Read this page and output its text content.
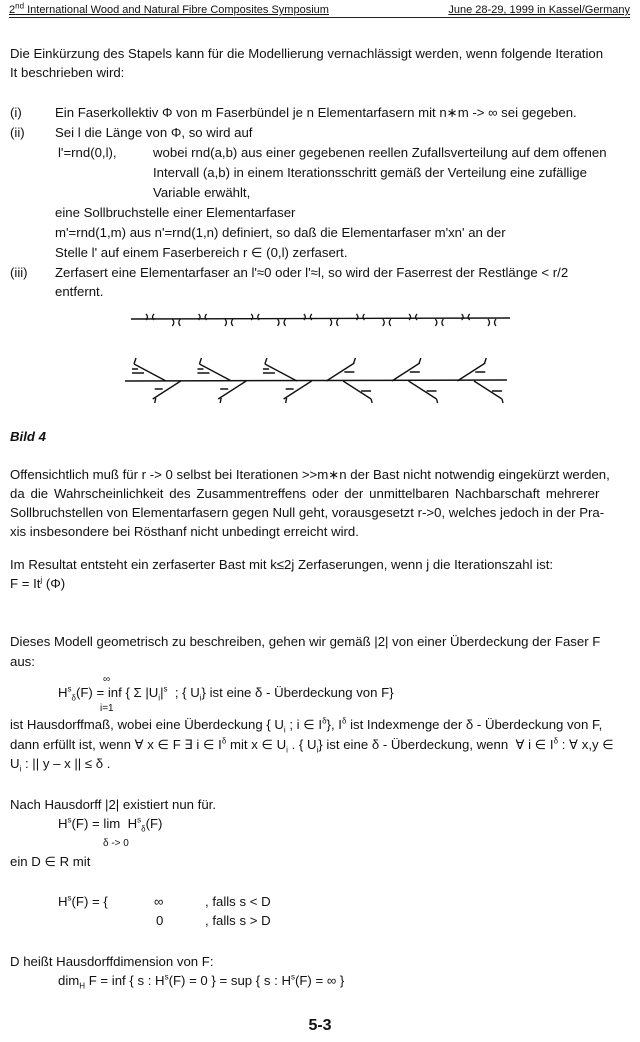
2nd International Wood and Natural Fibre Composites Symposium	June 28-29, 1999 in Kassel/Germany
Die Einkürzung des Stapels kann für die Modellierung vernachlässigt werden, wenn folgende Iteration
It beschrieben wird:
(i)	Ein Faserkollektiv Φ von m Faserbündel je n Elementarfasern mit n∗m -> ∞ sei gegeben.
(ii) Sei l die Länge von Φ, so wird auf
l'=rnd(0,l),	wobei rnd(a,b) aus einer gegebenen reellen Zufallsverteilung auf dem offenen
Intervall (a,b) in einem Iterationsschritt gemäß der Verteilung eine zufällige
Variable erwählt,
eine Sollbruchstelle einer Elementarfaser
m'=rnd(1,m) aus n'=rnd(1,n) definiert, so daß die Elementarfaser m'xn' an der
Stelle l' auf einem Faserbereich r ∈ (0,l) zerfasert.
(iii) Zerfasert eine Elementarfaser an l'≈0 oder l'≈l, so wird der Faserrest der Restlänge < r/2
entfernt.
Bild 4
Offensichtlich muß für r -> 0 selbst bei Iterationen >>m∗n der Bast nicht notwendig eingekürzt werden,
da die Wahrscheinlichkeit des Zusammentreffens oder der unmittelbaren Nachbarschaft mehrerer
Sollbruchstellen von Elementarfasern gegen Null geht, vorausgesetzt r->0, welches jedoch in der Pra-
xis insbesondere bei Rösthanf nicht unbedingt erreicht wird.
Im Resultat entsteht ein zerfaserter Bast mit k≤2j Zerfaserungen, wenn j die Iterationszahl ist:
$F = It^j$ (Φ)
Dieses Modell geometrisch zu beschreiben, gehen wir gemäß |2| von einer Überdeckung der Faser F
aus:
∞
$H^s_\delta(F)$ = inf { Σ $|U_i|^s$  ; { $U_i$} ist eine δ - Überdeckung von F}
i=1
ist Hausdorffmaß, wobei eine Überdeckung { $U_i$ ; i ∈ $I^\delta$}, $I^\delta$ ist Indexmenge der δ - Überdeckung von F,
dann erfüllt ist, wenn ∀ x ∈ F ∃ i ∈ $I^\delta$ mit x ∈ $U_i$ . { $U_i$} ist eine δ - Überdeckung, wenn  ∀ i ∈ $I^\delta$ : ∀ x,y ∈
$U_i$ : || y – x || ≤ δ .
Nach Hausdorff |2| existiert nun für.
$H^s(F) = \lim H^s_\delta(F)$
δ -> 0
ein D ∈ R mit
$H^s(F)$ = {	∞	, falls s < D
0	, falls s > D
D heißt Hausdorffdimension von F:
dim$_H$ F = inf { s : $H^s(F) = 0$ } = sup { s : $H^s(F)$ = ∞ }
5-3
